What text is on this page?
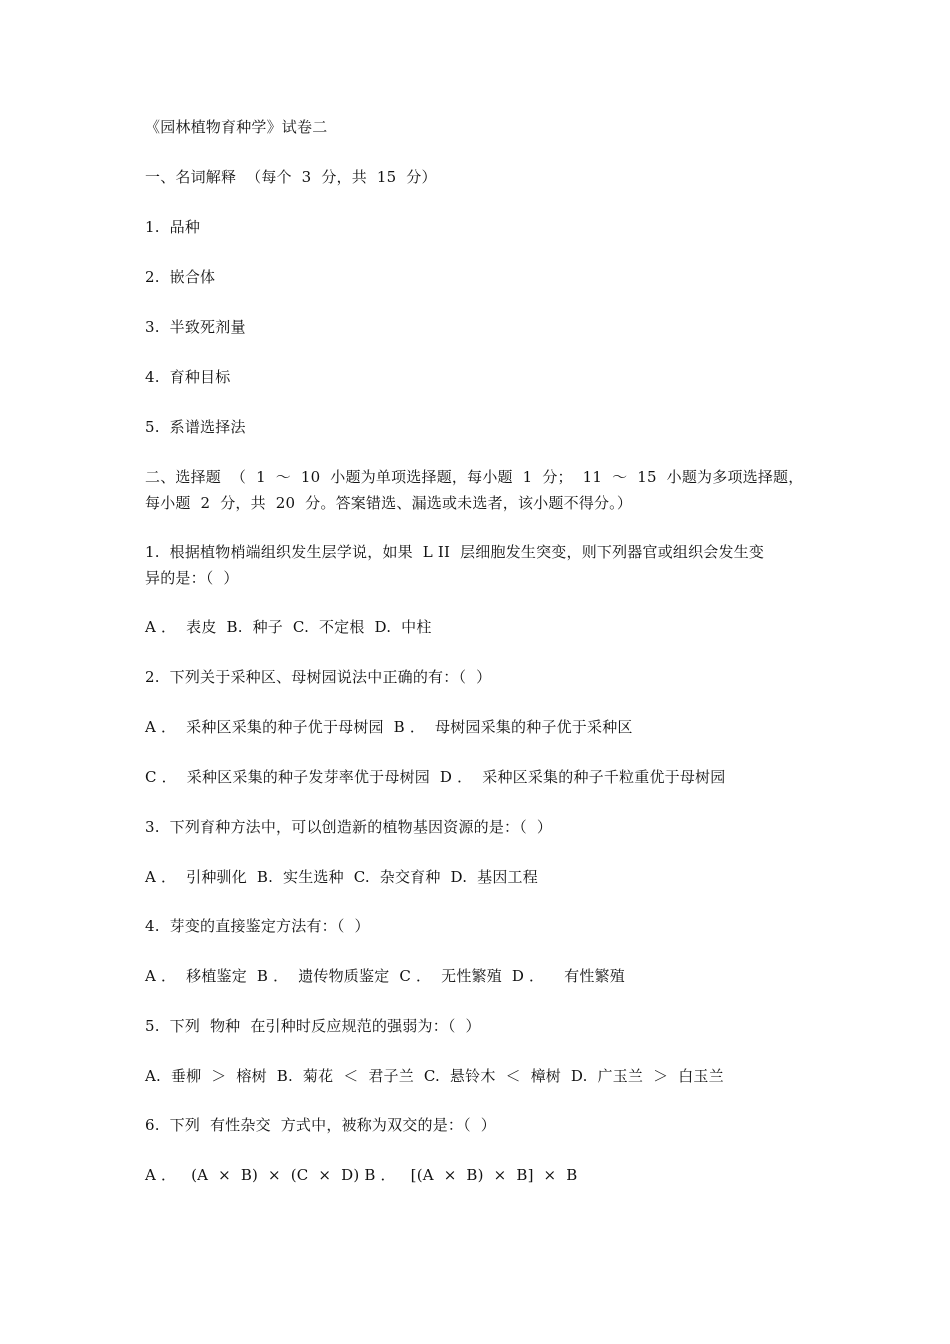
《园林植物育种学》试卷二
一、名词解释  （每个  3  分，共  15  分）
1.  品种
2.  嵌合体
3.  半致死剂量
4.  育种目标
5.  系谱选择法
二、选择题  （  1  ～  10  小题为单项选择题，每小题  1  分；  11  ～  15  小题为多项选择题，
每小题  2  分，共  20  分。答案错选、漏选或未选者，该小题不得分。）
1.  根据植物梢端组织发生层学说，如果  L II  层细胞发生突变，则下列器官或组织会发生变
异的是：（  ）
A ．  表皮  B.  种子  C.  不定根  D.  中柱
2.  下列关于采种区、母树园说法中正确的有：（  ）
A ．  采种区采集的种子优于母树园  B ．  母树园采集的种子优于采种区
C ．  采种区采集的种子发芽率优于母树园  D ．  采种区采集的种子千粒重优于母树园
3.  下列育种方法中，可以创造新的植物基因资源的是：（  ）
A ．  引种驯化  B.  实生选种  C.  杂交育种  D.  基因工程
4.  芽变的直接鉴定方法有：（  ）
A ．  移植鉴定  B ．  遗传物质鉴定  C ．  无性繁殖  D ．    有性繁殖
5.  下列  物种  在引种时反应规范的强弱为：（  ）
A.  垂柳  ＞  榕树  B.  菊花  ＜  君子兰  C.  悬铃木  ＜  樟树  D.  广玉兰  ＞  白玉兰
6.  下列  有性杂交  方式中，被称为双交的是：（  ）
A ．   (A  ×  B)  ×  (C  ×  D) B ．   [(A  ×  B)  ×  B]  ×  B
